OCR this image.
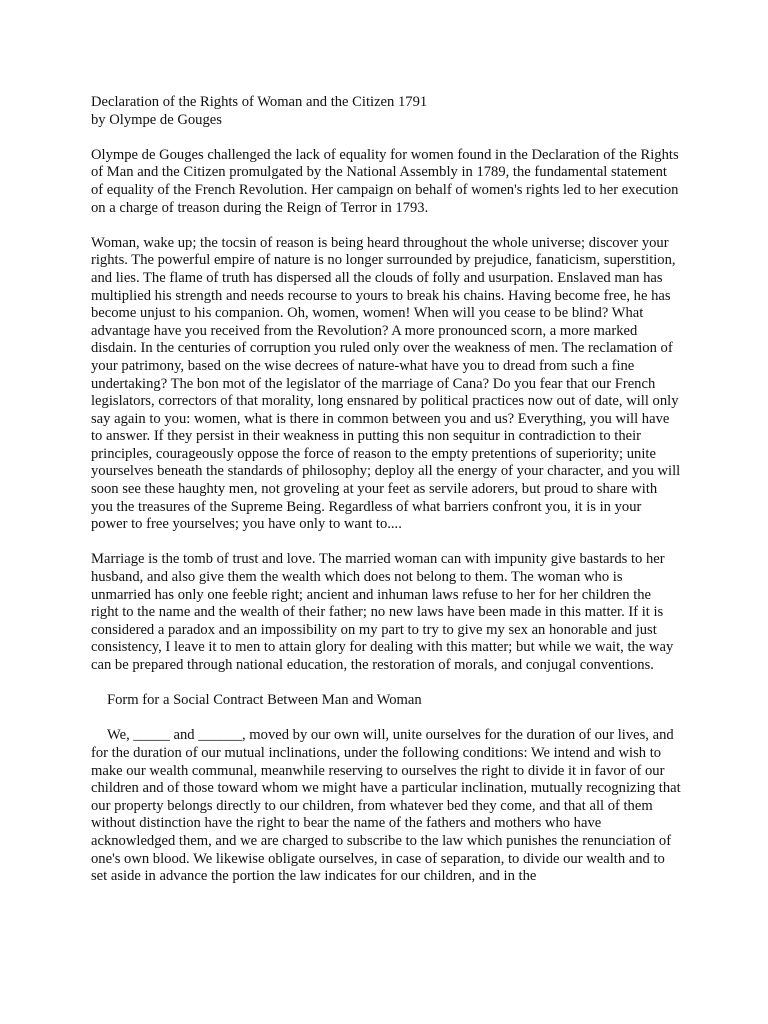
Declaration of the Rights of Woman and the Citizen 1791
by Olympe de Gouges

Olympe de Gouges challenged the lack of equality for women found in the Declaration of the Rights of Man and the Citizen promulgated by the National Assembly in 1789, the fundamental statement of equality of the French Revolution. Her campaign on behalf of women's rights led to her execution on a charge of treason during the Reign of Terror in 1793.

Woman, wake up; the tocsin of reason is being heard throughout the whole universe; discover your rights. The powerful empire of nature is no longer surrounded by prejudice, fanaticism, superstition, and lies. The flame of truth has dispersed all the clouds of folly and usurpation. Enslaved man has multiplied his strength and needs recourse to yours to break his chains. Having become free, he has become unjust to his companion. Oh, women, women! When will you cease to be blind? What advantage have you received from the Revolution? A more pronounced scorn, a more marked disdain. In the centuries of corruption you ruled only over the weakness of men. The reclamation of your patrimony, based on the wise decrees of nature-what have you to dread from such a fine undertaking? The bon mot of the legislator of the marriage of Cana? Do you fear that our French legislators, correctors of that morality, long ensnared by political practices now out of date, will only say again to you: women, what is there in common between you and us? Everything, you will have to answer. If they persist in their weakness in putting this non sequitur in contradiction to their principles, courageously oppose the force of reason to the empty pretentions of superiority; unite yourselves beneath the standards of philosophy; deploy all the energy of your character, and you will soon see these haughty men, not groveling at your feet as servile adorers, but proud to share with you the treasures of the Supreme Being. Regardless of what barriers confront you, it is in your power to free yourselves; you have only to want to....

Marriage is the tomb of trust and love. The married woman can with impunity give bastards to her husband, and also give them the wealth which does not belong to them. The woman who is unmarried has only one feeble right; ancient and inhuman laws refuse to her for her children the right to the name and the wealth of their father; no new laws have been made in this matter. If it is considered a paradox and an impossibility on my part to try to give my sex an honorable and just consistency, I leave it to men to attain glory for dealing with this matter; but while we wait, the way can be prepared through national education, the restoration of morals, and conjugal conventions.

Form for a Social Contract Between Man and Woman

We, _____ and ______, moved by our own will, unite ourselves for the duration of our lives, and for the duration of our mutual inclinations, under the following conditions: We intend and wish to make our wealth communal, meanwhile reserving to ourselves the right to divide it in favor of our children and of those toward whom we might have a particular inclination, mutually recognizing that our property belongs directly to our children, from whatever bed they come, and that all of them without distinction have the right to bear the name of the fathers and mothers who have acknowledged them, and we are charged to subscribe to the law which punishes the renunciation of one's own blood. We likewise obligate ourselves, in case of separation, to divide our wealth and to set aside in advance the portion the law indicates for our children, and in the
